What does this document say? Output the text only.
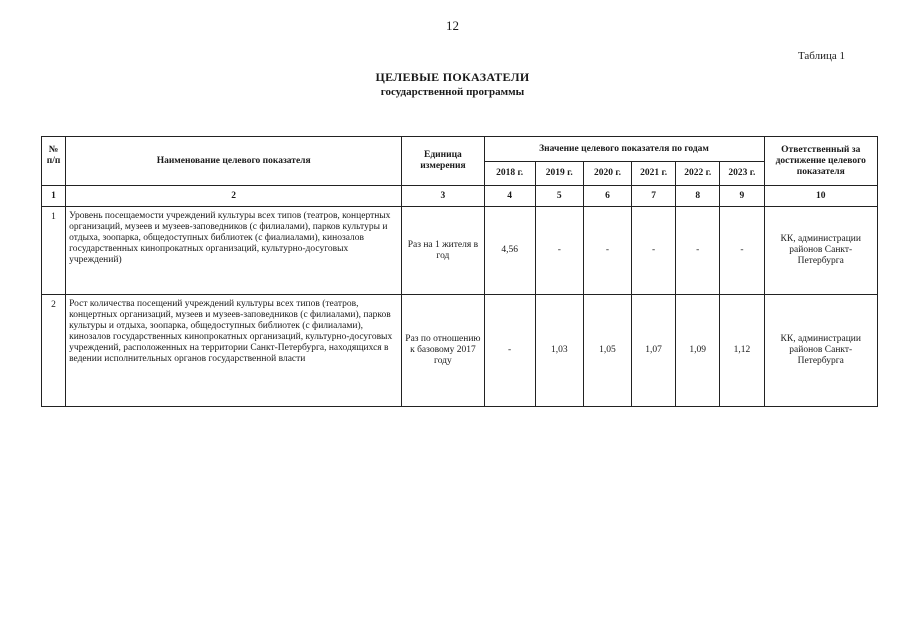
12
Таблица 1
ЦЕЛЕВЫЕ ПОКАЗАТЕЛИ
государственной программы
№ п/п	Наименование целевого показателя	Единица измерения	Значение целевого показателя по годам						Ответственный за достижение целевого показателя
			2018 г.	2019 г.	2020 г.	2021 г.	2022 г.	2023 г.	
1	2	3	4	5	6	7	8	9	10
1	Уровень посещаемости учреждений культуры всех типов (театров, концертных организаций, музеев и музеев-заповедников (с филиалами), парков культуры и отдыха, зоопарка, общедоступных библиотек (с фиалиалами), кинозалов государственных кинопрокатных организаций, культурно-досуговых учреждений)	Раз на 1 жителя в год	4,56	-	-	-	-	-	КК, администрации районов Санкт-Петербурга
2	Рост количества посещений учреждений культуры всех типов (театров, концертных организаций, музеев и музеев-заповедников (с филиалами), парков культуры и отдыха, зоопарка, общедоступных библиотек (с филиалами), кинозалов государственных кинопрокатных организаций, культурно-досуговых учреждений, расположенных на территории Санкт-Петербурга, находящихся в ведении исполнительных органов государственной власти	Раз по отношению к базовому 2017 году	-	1,03	1,05	1,07	1,09	1,12	КК, администрации районов Санкт-Петербурга
